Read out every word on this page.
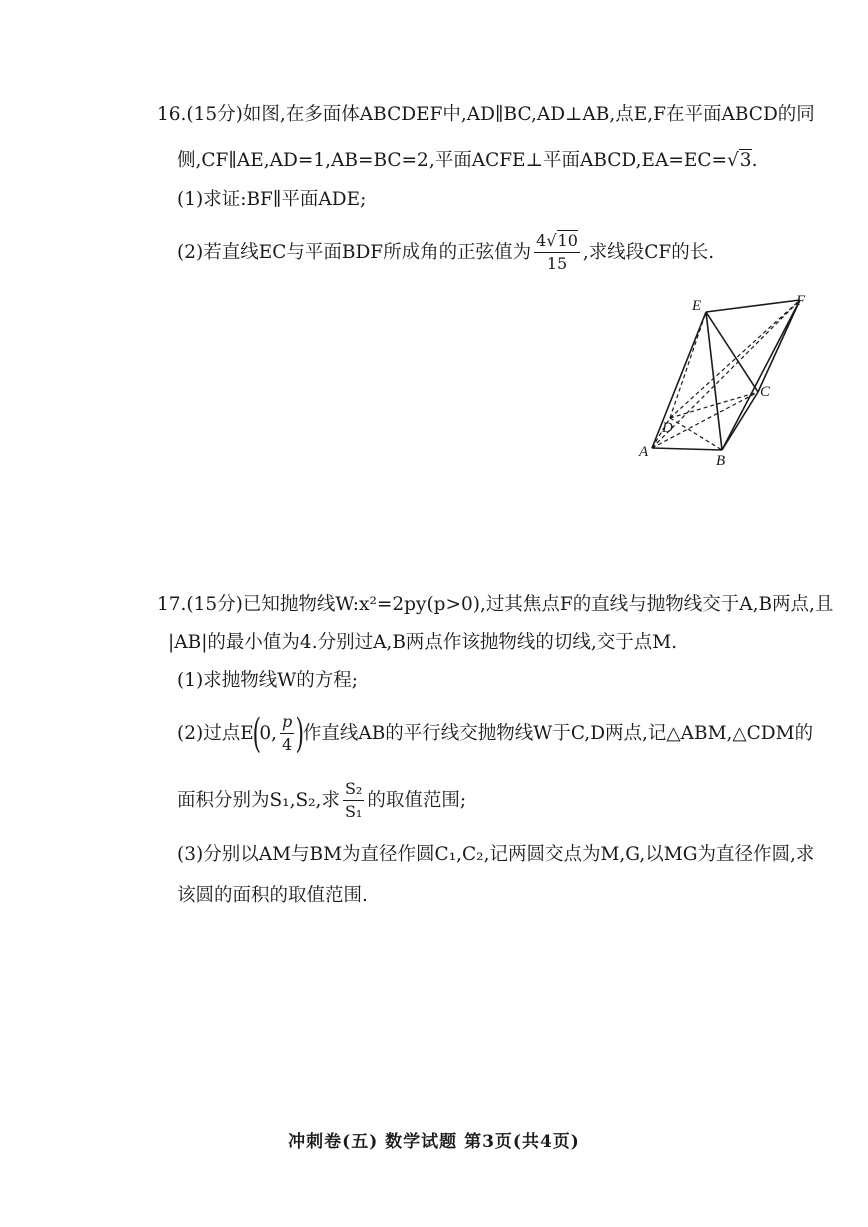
16.(15分)如图,在多面体ABCDEF中,AD∥BC,AD⊥AB,点E,F在平面ABCD的同
侧,CF∥AE,AD=1,AB=BC=2,平面ACFE⊥平面ABCD,EA=EC=√3.
(1)求证:BF∥平面ADE;
(2)若直线EC与平面BDF所成角的正弦值为 $\frac{4√10}{15}$ ,求线段CF的长.
E	F
C
D
A
B
17.(15分)已知抛物线W:x²=2py(p>0),过其焦点F的直线与抛物线交于A,B两点,且
|AB|的最小值为4.分别过A,B两点作该抛物线的切线,交于点M.
(1)求抛物线W的方程;
(2)过点E
(
0, $\frac{p}{4}$ )
作直线AB的平行线交抛物线W于C,D两点,记△ABM,△CDM的
面积分别为S₁,S₂,求 $\frac{\text{S₂}}{\text{S₁}}$ 的取值范围;
(3)分别以AM与BM为直径作圆C₁,C₂,记两圆交点为M,G,以MG为直径作圆,求
该圆的面积的取值范围.
冲刺卷(五) 数学试题 第3页(共4页)
